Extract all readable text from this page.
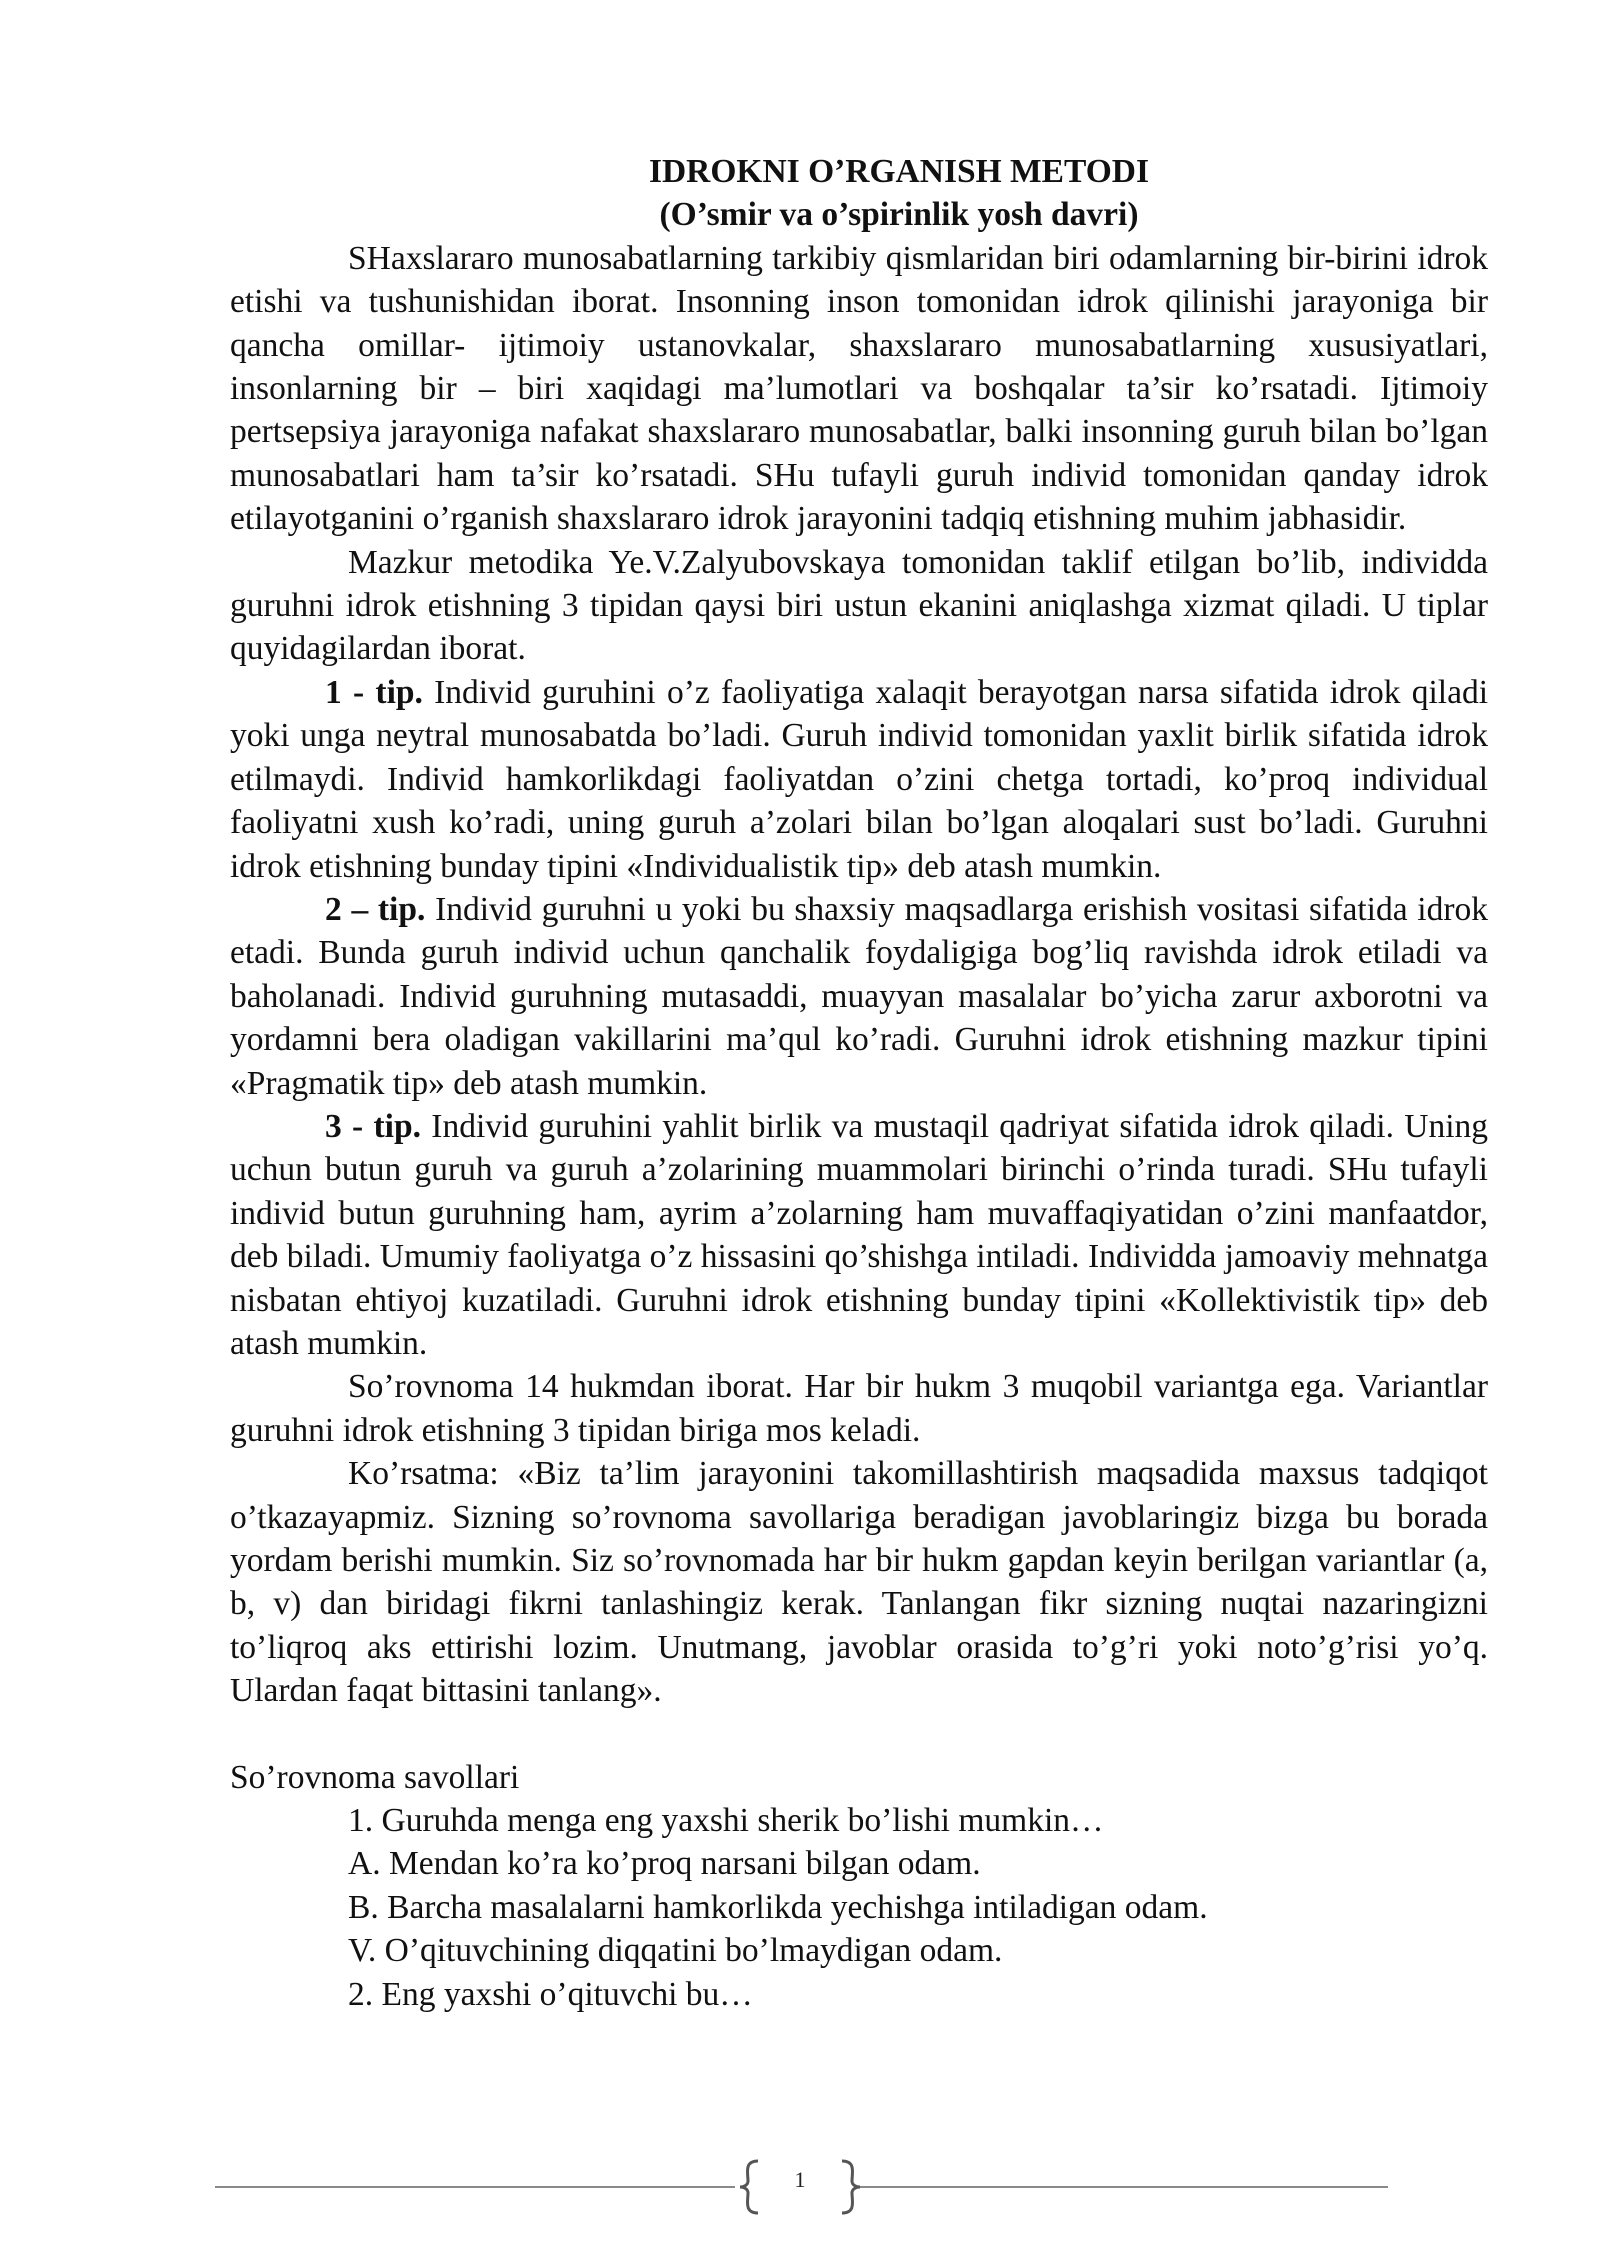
IDROKNI O’RGANISH METODI

(O’smir va o’spirinlik yosh davri)

SHaxslararo munosabatlarning tarkibiy qismlaridan biri odamlarning bir-birini idrok etishi va tushunishidan iborat. Insonning inson tomonidan idrok qilinishi jarayoniga bir qancha omillar- ijtimoiy ustanovkalar, shaxslararo munosabatlarning xususiyatlari, insonlarning bir – biri xaqidagi ma’lumotlari va boshqalar ta’sir ko’rsatadi. Ijtimoiy pertsepsiya jarayoniga nafakat shaxslararo munosabatlar, balki insonning guruh bilan bo’lgan munosabatlari ham ta’sir ko’rsatadi. SHu tufayli guruh individ tomonidan qanday idrok etilayotganini o’rganish shaxslararo idrok jarayonini tadqiq etishning muhim jabhasidir.

Mazkur metodika Ye.V.Zalyubovskaya tomonidan taklif etilgan bo’lib, individda guruhni idrok etishning 3 tipidan qaysi biri ustun ekanini aniqlashga xizmat qiladi. U tiplar quyidagilardan iborat.

1 - tip. Individ guruhini o’z faoliyatiga xalaqit berayotgan narsa sifatida idrok qiladi yoki unga neytral munosabatda bo’ladi. Guruh individ tomonidan yaxlit birlik sifatida idrok etilmaydi. Individ hamkorlikdagi faoliyatdan o’zini chetga tortadi, ko’proq individual faoliyatni xush ko’radi, uning guruh a’zolari bilan bo’lgan aloqalari sust bo’ladi. Guruhni idrok etishning bunday tipini «Individualistik tip» deb atash mumkin.

2 – tip. Individ guruhni u yoki bu shaxsiy maqsadlarga erishish vositasi sifatida idrok etadi. Bunda guruh individ uchun qanchalik foydaligiga bog’liq ravishda idrok etiladi va baholanadi. Individ guruhning mutasaddi, muayyan masalalar bo’yicha zarur axborotni va yordamni bera oladigan vakillarini ma’qul ko’radi. Guruhni idrok etishning mazkur tipini «Pragmatik tip» deb atash mumkin.

3 - tip. Individ guruhini yahlit birlik va mustaqil qadriyat sifatida idrok qiladi. Uning uchun butun guruh va guruh a’zolarining muammolari birinchi o’rinda turadi. SHu tufayli individ butun guruhning ham, ayrim a’zolarning ham muvaffaqiyatidan o’zini manfaatdor, deb biladi. Umumiy faoliyatga o’z hissasini qo’shishga intiladi. Individda jamoaviy mehnatga nisbatan ehtiyoj kuzatiladi. Guruhni idrok etishning bunday tipini «Kollektivistik tip» deb atash mumkin.

So’rovnoma 14 hukmdan iborat. Har bir hukm 3 muqobil variantga ega. Variantlar guruhni idrok etishning 3 tipidan biriga mos keladi.

Ko’rsatma: «Biz ta’lim jarayonini takomillashtirish maqsadida maxsus tadqiqot o’tkazayapmiz. Sizning so’rovnoma savollariga beradigan javoblaringiz bizga bu borada yordam berishi mumkin. Siz so’rovnomada har bir hukm gapdan keyin berilgan variantlar (a, b, v) dan biridagi fikrni tanlashingiz kerak. Tanlangan fikr sizning nuqtai nazaringizni to’liqroq aks ettirishi lozim. Unutmang, javoblar orasida to’g’ri yoki noto’g’risi yo’q. Ulardan faqat bittasini tanlang».

So’rovnoma savollari

1. Guruhda menga eng yaxshi sherik bo’lishi mumkin…
A. Mendan ko’ra ko’proq narsani bilgan odam.
B. Barcha masalalarni hamkorlikda yechishga intiladigan odam.
V. O’qituvchining diqqatini bo’lmaydigan odam.
2. Eng yaxshi o’qituvchi bu…
1
